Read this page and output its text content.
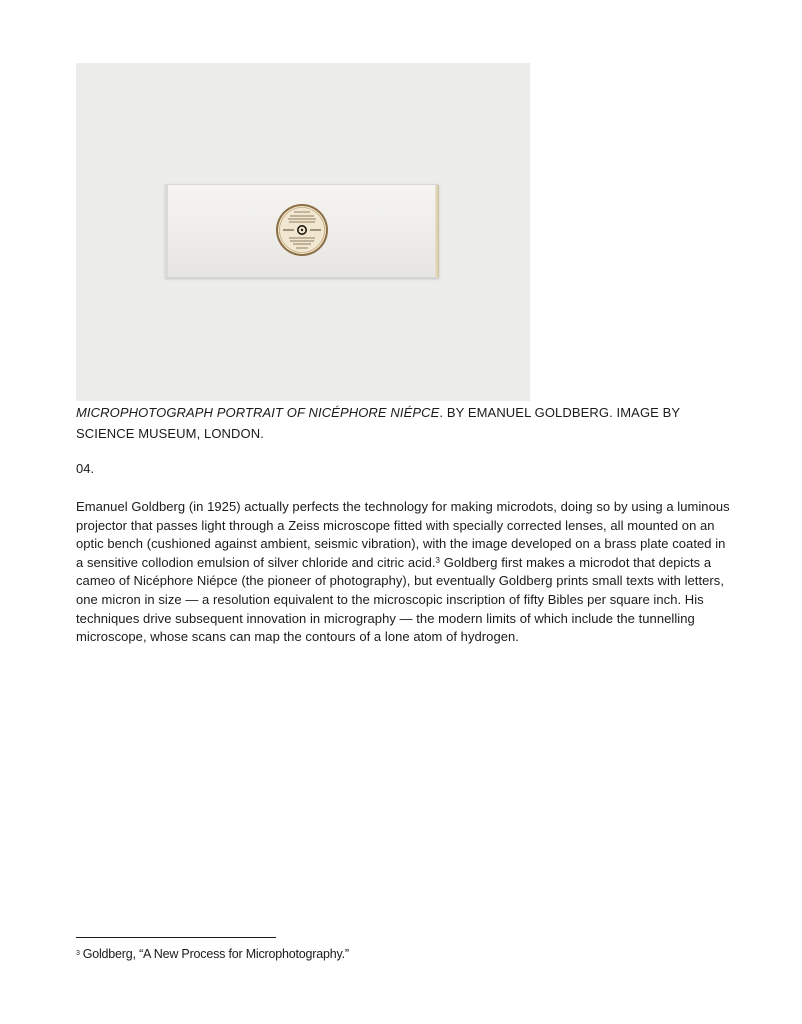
MICROPHOTOGRAPH PORTRAIT OF NICÉPHORE NIÉPCE. BY EMANUEL GOLDBERG. IMAGE BY SCIENCE MUSEUM, LONDON.
04.
Emanuel Goldberg (in 1925) actually perfects the technology for making microdots, doing so by using a luminous projector that passes light through a Zeiss microscope fitted with specially corrected lenses, all mounted on an optic bench (cushioned against ambient, seismic vibration), with the image developed on a brass plate coated in a sensitive collodion emulsion of silver chloride and citric acid.$^3$ Goldberg first makes a microdot that depicts a cameo of Nicéphore Niépce (the pioneer of photography), but eventually Goldberg prints small texts with letters, one micron in size — a resolution equivalent to the microscopic inscription of fifty Bibles per square inch. His techniques drive subsequent innovation in micrography — the modern limits of which include the tunnelling microscope, whose scans can map the contours of a lone atom of hydrogen.
$^3$ Goldberg, “A New Process for Microphotography.”
